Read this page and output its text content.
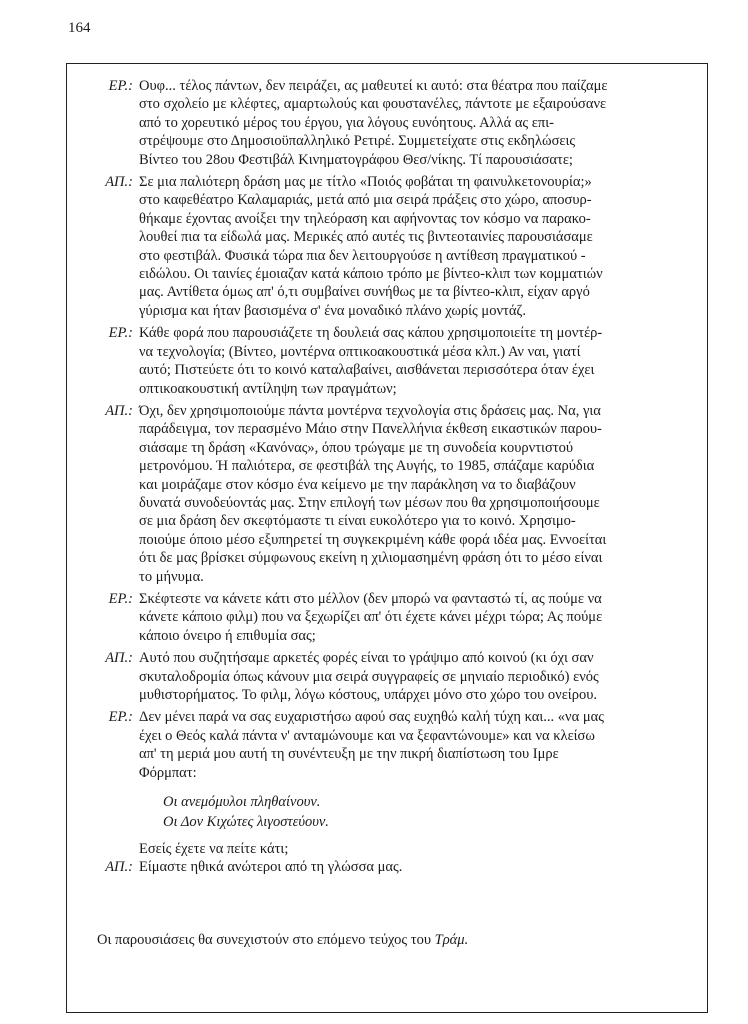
164
ΕΡ.: Ουφ... τέλος πάντων, δεν πειράζει, ας μαθευτεί κι αυτό: στα θέατρα που παίζαμε
στο σχολείο με κλέφτες, αμαρτωλούς και φουστανέλες, πάντοτε με εξαιρούσανε
από το χορευτικό μέρος του έργου, για λόγους ευνόητους. Αλλά ας επι-
στρέψουμε στο Δημοσιοϋπαλληλικό Ρετιρέ. Συμμετείχατε στις εκδηλώσεις
Βίντεο του 28ου Φεστιβάλ Κινηματογράφου Θεσ/νίκης. Τί παρουσιάσατε;
ΑΠ.: Σε μια παλιότερη δράση μας με τίτλο «Ποιός φοβάται τη φαινυλκετονουρία;»
στο καφεθέατρο Καλαμαριάς, μετά από μια σειρά πράξεις στο χώρο, αποσυρ-
θήκαμε έχοντας ανοίξει την τηλεόραση και αφήνοντας τον κόσμο να παρακο-
λουθεί πια τα είδωλά μας. Μερικές από αυτές τις βιντεοταινίες παρουσιάσαμε
στο φεστιβάλ. Φυσικά τώρα πια δεν λειτουργούσε η αντίθεση πραγματικού -
ειδώλου. Οι ταινίες έμοιαζαν κατά κάποιο τρόπο με βίντεο-κλιπ των κομματιών
μας. Αντίθετα όμως απ' ό,τι συμβαίνει συνήθως με τα βίντεο-κλιπ, είχαν αργό
γύρισμα και ήταν βασισμένα σ' ένα μοναδικό πλάνο χωρίς μοντάζ.
ΕΡ.: Κάθε φορά που παρουσιάζετε τη δουλειά σας κάπου χρησιμοποιείτε τη μοντέρ-
να τεχνολογία; (Βίντεο, μοντέρνα οπτικοακουστικά μέσα κλπ.) Αν ναι, γιατί
αυτό; Πιστεύετε ότι το κοινό καταλαβαίνει, αισθάνεται περισσότερα όταν έχει
οπτικοακουστική αντίληψη των πραγμάτων;
ΑΠ.: Όχι, δεν χρησιμοποιούμε πάντα μοντέρνα τεχνολογία στις δράσεις μας. Να, για
παράδειγμα, τον περασμένο Μάιο στην Πανελλήνια έκθεση εικαστικών παρου-
σιάσαμε τη δράση «Κανόνας», όπου τρώγαμε με τη συνοδεία κουρντιστού
μετρονόμου. Ή παλιότερα, σε φεστιβάλ της Αυγής, το 1985, σπάζαμε καρύδια
και μοιράζαμε στον κόσμο ένα κείμενο με την παράκληση να το διαβάζουν
δυνατά συνοδεύοντάς μας. Στην επιλογή των μέσων που θα χρησιμοποιήσουμε
σε μια δράση δεν σκεφτόμαστε τι είναι ευκολότερο για το κοινό. Χρησιμο-
ποιούμε όποιο μέσο εξυπηρετεί τη συγκεκριμένη κάθε φορά ιδέα μας. Εννοείται
ότι δε μας βρίσκει σύμφωνους εκείνη η χιλιομασημένη φράση ότι το μέσο είναι
το μήνυμα.
ΕΡ.: Σκέφτεστε να κάνετε κάτι στο μέλλον (δεν μπορώ να φανταστώ τί, ας πούμε να
κάνετε κάποιο φιλμ) που να ξεχωρίζει απ' ότι έχετε κάνει μέχρι τώρα; Ας πούμε
κάποιο όνειρο ή επιθυμία σας;
ΑΠ.: Αυτό που συζητήσαμε αρκετές φορές είναι το γράψιμο από κοινού (κι όχι σαν
σκυταλοδρομία όπως κάνουν μια σειρά συγγραφείς σε μηνιαίο περιοδικό) ενός
μυθιστορήματος. Το φιλμ, λόγω κόστους, υπάρχει μόνο στο χώρο του ονείρου.
ΕΡ.: Δεν μένει παρά να σας ευχαριστήσω αφού σας ευχηθώ καλή τύχη και... «να μας
έχει ο Θεός καλά πάντα ν' ανταμώνουμε και να ξεφαντώνουμε» και να κλείσω
απ' τη μεριά μου αυτή τη συνέντευξη με την πικρή διαπίστωση του Ιμρε
Φόρμπατ:
Οι ανεμόμυλοι πληθαίνουν.
Οι Δον Κιχώτες λιγοστεύουν.
Εσείς έχετε να πείτε κάτι;
ΑΠ.: Είμαστε ηθικά ανώτεροι από τη γλώσσα μας.
Οι παρουσιάσεις θα συνεχιστούν στο επόμενο τεύχος του Τράμ.
